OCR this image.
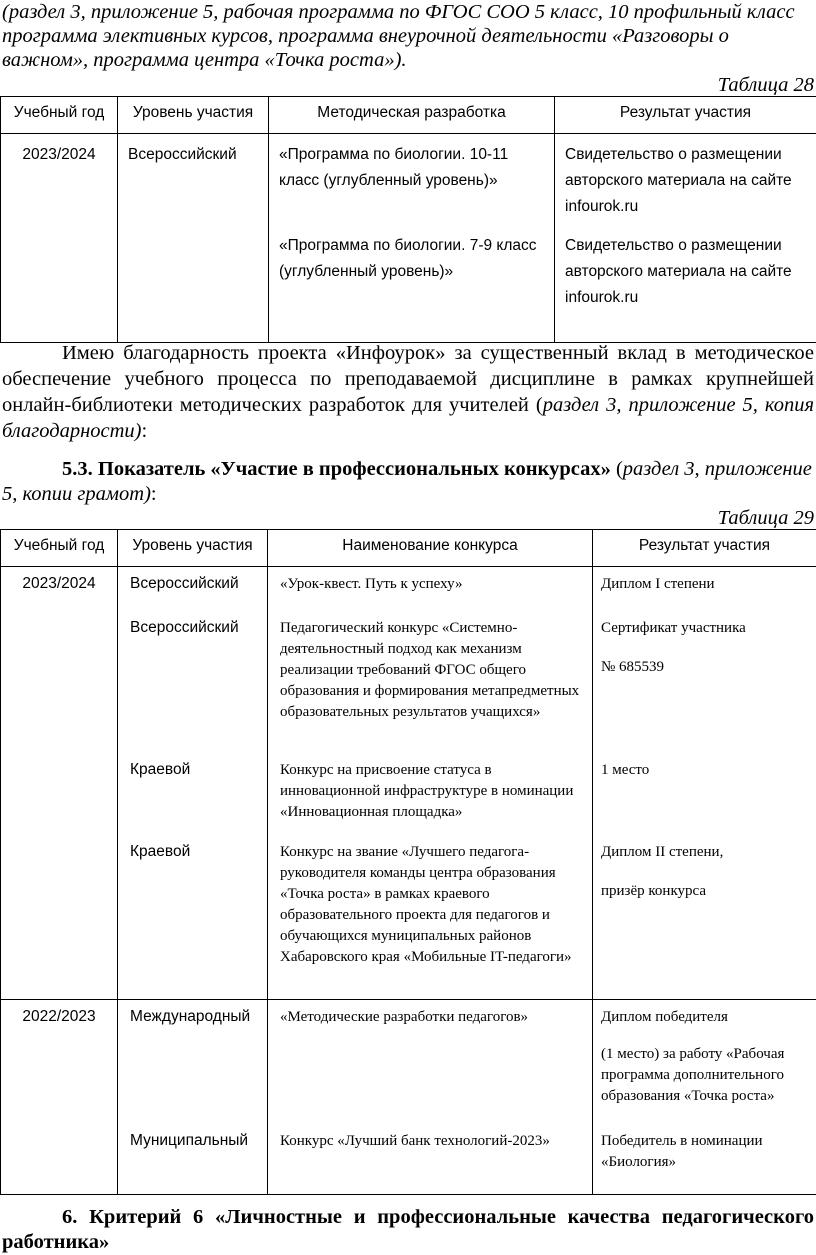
(раздел 3, приложение 5, рабочая программа по ФГОС СОО 5 класс, 10 профильный класс программа элективных курсов, программа внеурочной деятельности «Разговоры о важном», программа центра «Точка роста»).
Таблица 28
Учебный год	Уровень участия	Методическая разработка	Результат участия
2023/2024	Всероссийский	«Программа по биологии. 10-11 класс (углубленный уровень)»	Свидетельство о размещении авторского материала на сайте infourok.ru
		«Программа по биологии. 7-9 класс (углубленный уровень)»	Свидетельство о размещении авторского материала на сайте infourok.ru
Имею благодарность проекта «Инфоурок» за существенный вклад в методическое обеспечение учебного процесса по преподаваемой дисциплине в рамках крупнейшей онлайн-библиотеки методических разработок для учителей (раздел 3, приложение 5, копия благодарности):
5.3. Показатель «Участие в профессиональных конкурсах» (раздел 3, приложение 5, копии грамот):
Таблица 29
Учебный год	Уровень участия	Наименование конкурса	Результат участия
2023/2024	Всероссийский	«Урок-квест. Путь к успеху»	Диплом I степени

	Всероссийский	Педагогический конкурс «Системно-деятельностный подход как механизм реализации требований ФГОС общего образования и формирования метапредметных образовательных результатов учащихся»	Сертификат участника
№ 685539

	Краевой	Конкурс на присвоение статуса в инновационной инфраструктуре в номинации «Инновационная площадка»	1 место

	Краевой	Конкурс на звание «Лучшего педагога-руководителя команды центра образования «Точка роста» в рамках краевого образовательного проекта для педагогов и обучающихся муниципальных районов Хабаровского края «Мобильные IT-педагоги»	Диплом II степени,
призёр конкурса

2022/2023	Международный	«Методические разработки педагогов»	Диплом победителя
(1 место) за работу «Рабочая программа дополнительного образования «Точка роста»

	Муниципальный	Конкурс «Лучший банк технологий-2023»	Победитель в номинации «Биология»
6. Критерий 6 «Личностные и профессиональные качества педагогического работника»
